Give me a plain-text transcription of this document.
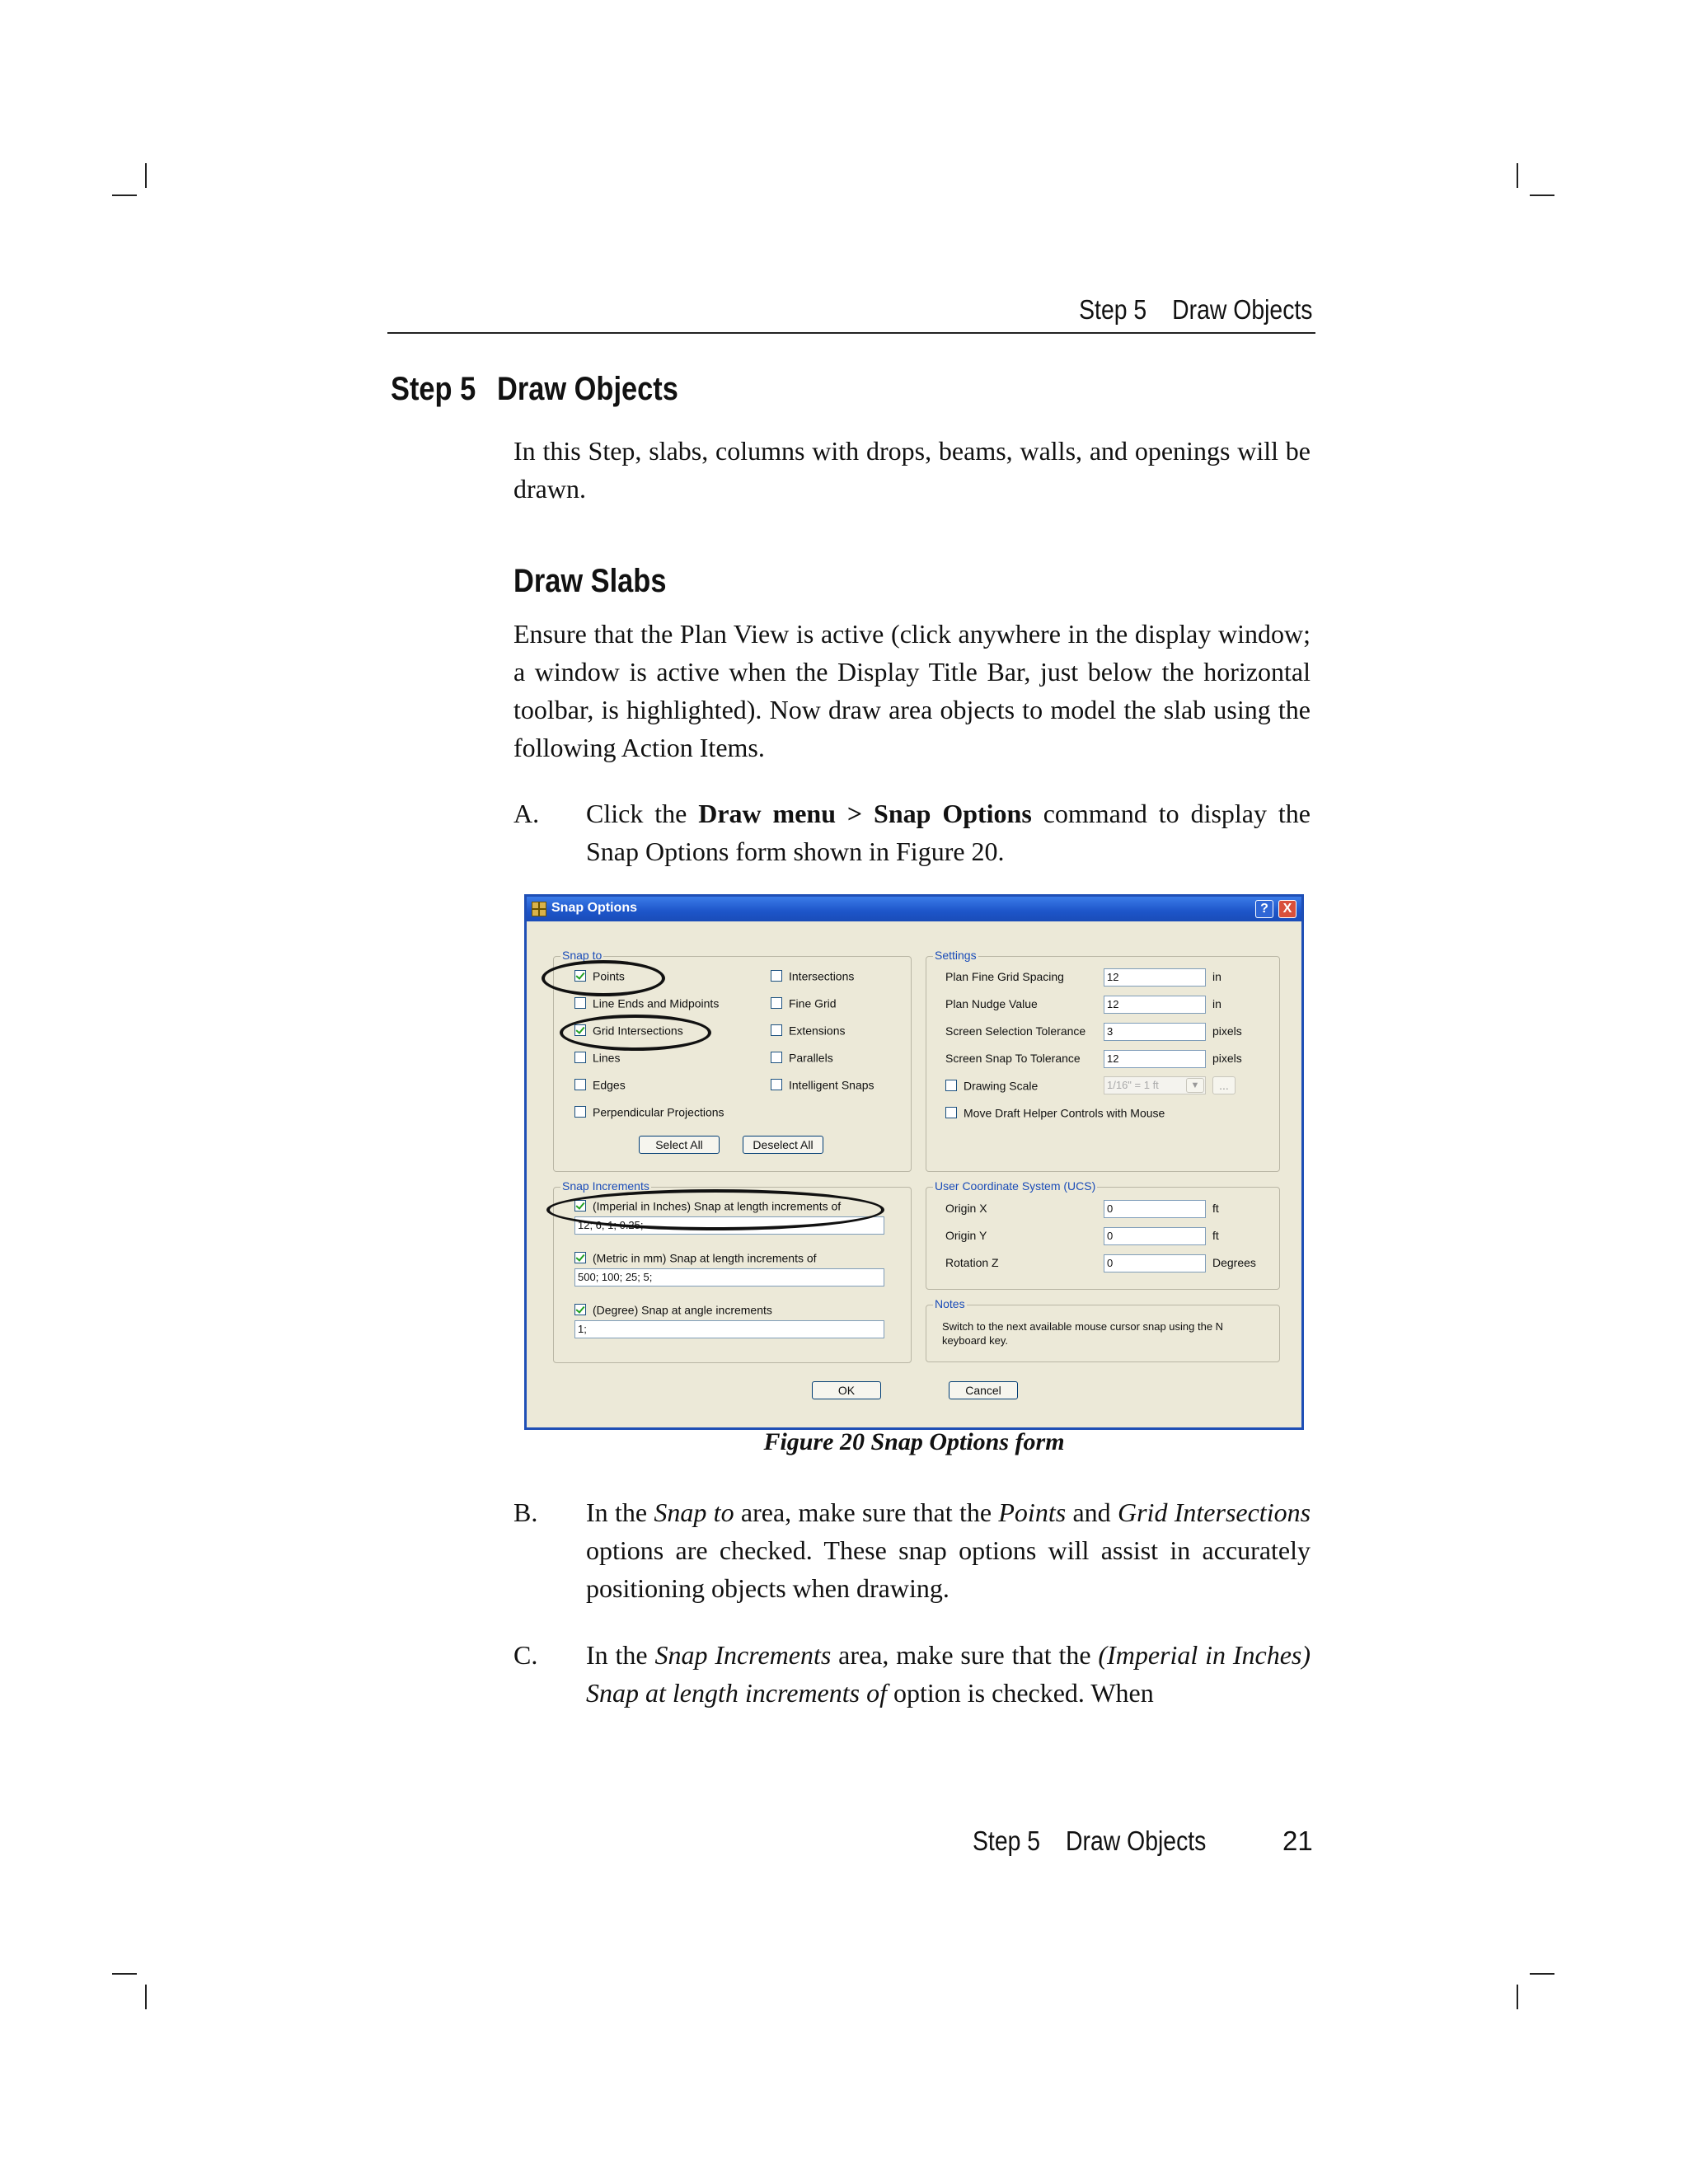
Step 5 Draw Objects
Step 5 Draw Objects
In this Step, slabs, columns with drops, beams, walls, and openings will be drawn.
Draw Slabs
Ensure that the Plan View is active (click anywhere in the display window; a window is active when the Display Title Bar, just below the horizontal toolbar, is highlighted). Now draw area objects to model the slab using the following Action Items.
A. Click the Draw menu > Snap Options command to display the Snap Options form shown in Figure 20.
Snap Options	?	X
Snap to
Points
Line Ends and Midpoints
Grid Intersections
Lines
Edges
Perpendicular Projections
Intersections
Fine Grid
Extensions
Parallels
Intelligent Snaps
Select All	Deselect All
Settings
Plan Fine Grid Spacing	12	in
Plan Nudge Value	12	in
Screen Selection Tolerance	3	pixels
Screen Snap To Tolerance	12	pixels
Drawing Scale	1/16" = 1 ft	▼	...
Move Draft Helper Controls with Mouse
Snap Increments
(Imperial in Inches) Snap at length increments of
12; 6; 1; 0.25;
(Metric in mm) Snap at length increments of
500; 100; 25; 5;
(Degree) Snap at angle increments
1;
User Coordinate System (UCS)
Origin X	0	ft
Origin Y	0	ft
Rotation Z	0	Degrees
Notes
Switch to the next available mouse cursor snap using the N
keyboard key.
OK	Cancel
Figure 20 Snap Options form
B. In the Snap to area, make sure that the Points and Grid Intersections options are checked. These snap options will assist in accurately positioning objects when drawing.
C. In the Snap Increments area, make sure that the (Imperial in Inches) Snap at length increments of option is checked. When
Step 5 Draw Objects	21
